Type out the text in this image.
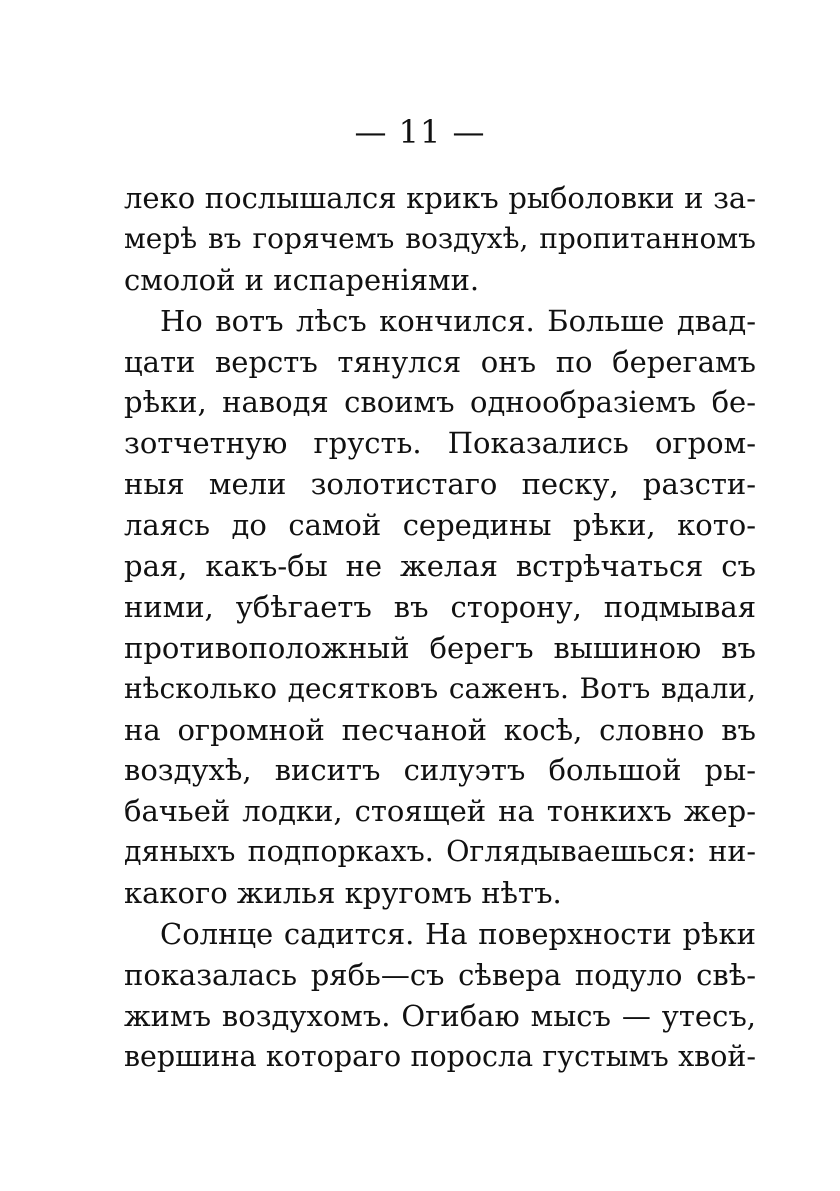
— 11 —
леко послышался крикъ рыболовки и за-
мерѣ въ горячемъ воздухѣ, пропитанномъ
смолой и испареніями.
Но вотъ лѣсъ кончился. Больше двад-
цати верстъ тянулся онъ по берегамъ
рѣки, наводя своимъ однообразіемъ бе-
зотчетную грусть. Показались огром-
ныя мели золотистаго песку, разсти-
лаясь до самой середины рѣки, кото-
рая, какъ-бы не желая встрѣчаться съ
ними, убѣгаетъ въ сторону, подмывая
противоположный берегъ вышиною въ
нѣсколько десятковъ саженъ. Вотъ вдали,
на огромной песчаной косѣ, словно въ
воздухѣ, виситъ силуэтъ большой ры-
бачьей лодки, стоящей на тонкихъ жер-
дяныхъ подпоркахъ. Оглядываешься: ни-
какого жилья кругомъ нѣтъ.
Солнце садится. На поверхности рѣки
показалась рябь—съ сѣвера подуло свѣ-
жимъ воздухомъ. Огибаю мысъ — утесъ,
вершина котораго поросла густымъ хвой-
